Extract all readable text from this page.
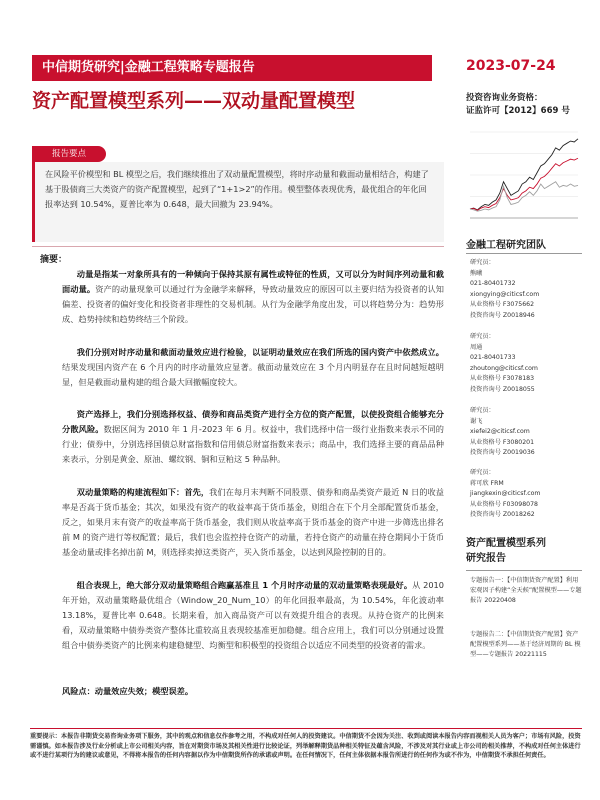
中信期货研究|金融工程策略专题报告	2023-07-24
资产配置模型系列——双动量配置模型	投资咨询业务资格：
证监许可【2012】669 号
报告要点
在风险平价模型和 BL 模型之后，我们继续推出了双动量配置模型，将时序动量和截面动量相结合，构建了基于股债商三大类资产的资产配置模型，起到了“1+1>2”的作用。模型整体表现优秀，最优组合的年化回报率达到 10.54%，夏普比率为 0.648，最大回撤为 23.94%。
摘要：
动量是指某一对象所具有的一种倾向于保持其原有属性或特征的性质，又可以分为时间序列动量和截面动量。资产的动量现象可以通过行为金融学来解释，导致动量效应的原因可以主要归结为投资者的认知偏差、投资者的偏好变化和投资者非理性的交易机制。从行为金融学角度出发，可以将趋势分为：趋势形成、趋势持续和趋势终结三个阶段。
我们分别对时序动量和截面动量效应进行检验，以证明动量效应在我们所选的国内资产中依然成立。结果发现国内资产在 6 个月内的时序动量效应显著。截面动量效应在 3 个月内明显存在且时间越短越明显，但是截面动量构建的组合最大回撤幅度较大。
资产选择上，我们分别选择权益、债券和商品类资产进行全方位的资产配置，以使投资组合能够充分分散风险。数据区间为 2010 年 1 月-2023 年 6 月。权益中，我们选择中信一级行业指数来表示不同的行业；债券中，分别选择国债总财富指数和信用债总财富指数来表示；商品中，我们选择主要的商品品种来表示，分别是黄金、原油、螺纹钢、铜和豆粕这 5 种品种。
双动量策略的构建流程如下：首先，我们在每月末判断不同股票、债券和商品类资产最近 N 日的收益率是否高于货币基金；其次，如果没有资产的收益率高于货币基金，则组合在下个月全部配置货币基金，反之，如果月末有资产的收益率高于货币基金，我们则从收益率高于货币基金的资产中进一步筛选出排名前 M 的资产进行等权配置；最后，我们也会监控持仓资产的动量，若持仓资产的动量在持仓期间小于货币基金动量或排名掉出前 M，则选择卖掉这类资产，买入货币基金，以达到风险控制的目的。
组合表现上，绝大部分双动量策略组合跑赢基准且 1 个月时序动量的双动量策略表现最好。从 2010 年开始，双动量策略最优组合（Window_20_Num_10）的年化回报率最高，为 10.54%，年化波动率 13.18%，夏普比率 0.648。长期来看，加入商品资产可以有效提升组合的表现。从持仓资产的比例来看，双动量策略中债券类资产整体比重较高且表现较基准更加稳健。组合应用上，我们可以分别通过设置组合中债券类资产的比例来构建稳健型、均衡型和积极型的投资组合以适应不同类型的投资者的需求。
风险点：动量效应失效；模型误差。
金融工程研究团队
研究员：
熊曦
021-80401732
xiongying@citicsf.com
从业资格号 F3075662
投资咨询号 Z0018946
研究员：
周通
021-80401733
zhoutong@citicsf.com
从业资格号 F3078183
投资咨询号 Z0018055
研究员：
谢飞
xiefei2@citicsf.com
从业资格号 F3080201
投资咨询号 Z0019036
研究员：
蒋可欣 FRM
jiangkexin@citicsf.com
从业资格号 F03098078
投资咨询号 Z0018262
资产配置模型系列
研究报告
专题报告一：【中信期货资产配置】利用宏观因子构建“全天候”配置模型——专题报告 20220408
专题报告二：【中信期货资产配置】资产配置模型系列——基于经济周期的 BL 模型——专题报告 20221115
重要提示：本报告非期货交易咨询业务项下服务，其中的观点和信息仅作参考之用，不构成对任何人的投资建议。中信期货不会因为关注、收到或阅读本报告内容而视相关人员为客户；市场有风险，投资需谨慎。如本报告涉及行业分析或上市公司相关内容，旨在对期货市场及其相关性进行比较论证，列举解释期货品种相关特征及蕴含风险，不涉及对其行业或上市公司的相关推荐，不构成对任何主体进行或不进行某项行为的建议或意见，不得将本报告的任何内容据以作为中信期货所作的承诺或声明。在任何情况下，任何主体依据本报告所进行的任何作为或不作为，中信期货不承担任何责任。
